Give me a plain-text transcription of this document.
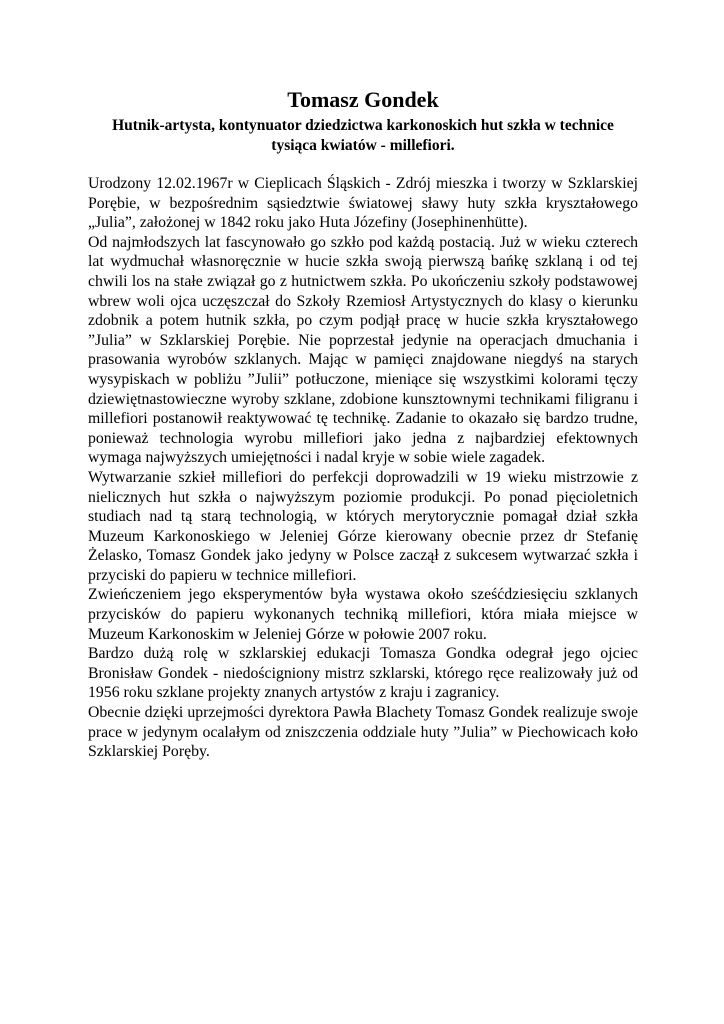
Tomasz Gondek
Hutnik-artysta, kontynuator dziedzictwa karkonoskich hut szkła w technice tysiąca kwiatów - millefiori.

Urodzony 12.02.1967r w Cieplicach Śląskich - Zdrój mieszka i tworzy w Szklarskiej Porębie, w bezpośrednim sąsiedztwie światowej sławy huty szkła kryształowego „Julia”, założonej w 1842 roku jako Huta Józefiny (Josephinenhütte).

Od najmłodszych lat fascynowało go szkło pod każdą postacią. Już w wieku czterech lat wydmuchał własnoręcznie w hucie szkła swoją pierwszą bańkę szklaną i od tej chwili los na stałe związał go z hutnictwem szkła. Po ukończeniu szkoły podstawowej wbrew woli ojca uczęszczał do Szkoły Rzemiosł Artystycznych do klasy o kierunku zdobnik a potem hutnik szkła, po czym podjął pracę w hucie szkła kryształowego ”Julia” w Szklarskiej Porębie. Nie poprzestał jedynie na operacjach dmuchania i prasowania wyrobów szklanych. Mając w pamięci znajdowane niegdyś na starych wysypiskach w pobliżu ”Julii” potłuczone, mieniące się wszystkimi kolorami tęczy dziewiętnastowieczne wyroby szklane, zdobione kunsztownymi technikami filigranu i millefiori postanowił reaktywować tę technikę. Zadanie to okazało się bardzo trudne, ponieważ technologia wyrobu millefiori jako jedna z najbardziej efektownych wymaga najwyższych umiejętności i nadal kryje w sobie wiele zagadek.

Wytwarzanie szkieł millefiori do perfekcji doprowadzili w 19 wieku mistrzowie z nielicznych hut szkła o najwyższym poziomie produkcji. Po ponad pięcioletnich studiach nad tą starą technologią, w których merytorycznie pomagał dział szkła Muzeum Karkonoskiego w Jeleniej Górze kierowany obecnie przez dr Stefanię Żelasko, Tomasz Gondek jako jedyny w Polsce zaczął z sukcesem wytwarzać szkła i przyciski do papieru w technice millefiori.

Zwieńczeniem jego eksperymentów była wystawa około sześćdziesięciu szklanych przycisków do papieru wykonanych techniką millefiori, która miała miejsce w Muzeum Karkonoskim w Jeleniej Górze w połowie 2007 roku.

Bardzo dużą rolę w szklarskiej edukacji Tomasza Gondka odegrał jego ojciec Bronisław Gondek - niedościgniony mistrz szklarski, którego ręce realizowały już od 1956 roku szklane projekty znanych artystów z kraju i zagranicy.

Obecnie dzięki uprzejmości dyrektora Pawła Blachety Tomasz Gondek realizuje swoje prace w jedynym ocalałym od zniszczenia oddziale huty ”Julia” w Piechowicach koło Szklarskiej Poręby.
